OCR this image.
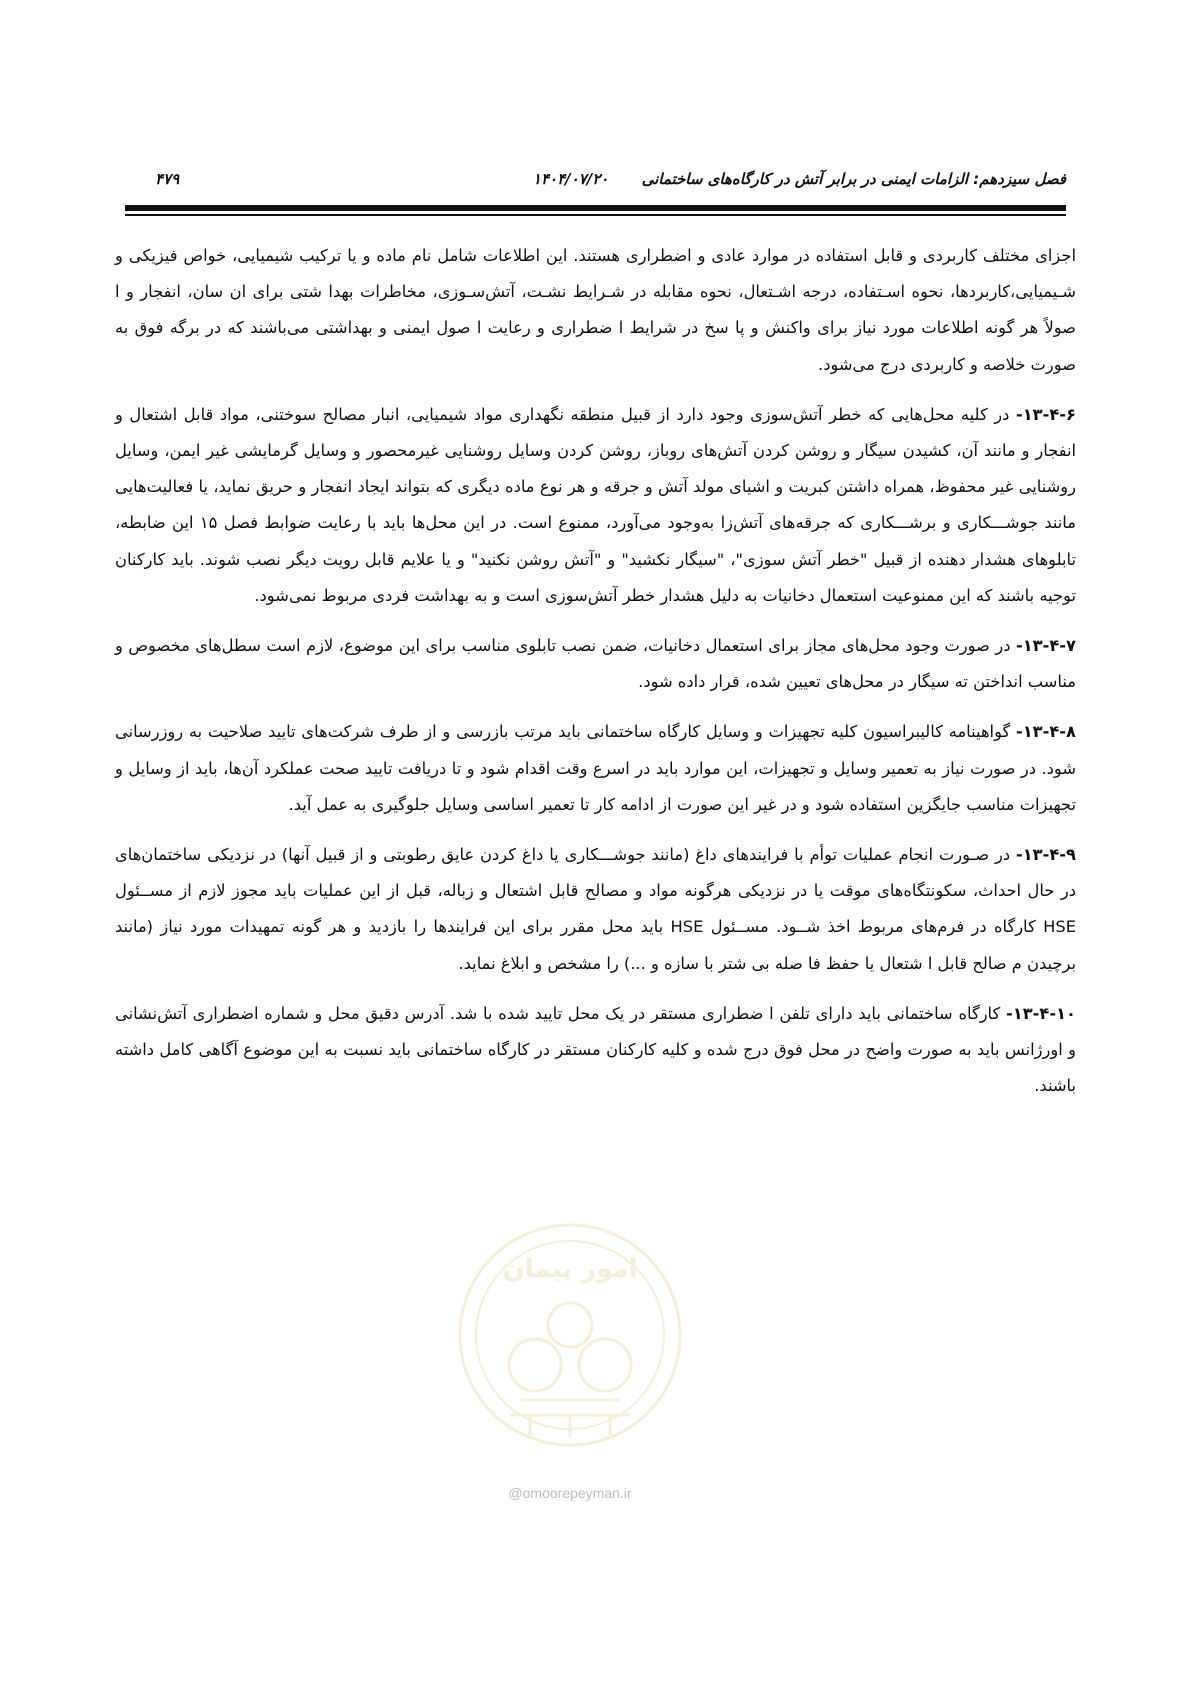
فصل سیزدهم: الزامات ایمنی در برابر آتش در کارگاه‌های ساختمانی ۱۴۰۴/۰۷/۲۰
۴۷۹

اجزای مختلف کاربردی و قابل استفاده در موارد عادی و اضطراری هستند. این اطلاعات شامل نام ماده و یا ترکیب شیمیایی، خواص فیزیکی و شـیمیایی،کاربردها، نحوه اسـتفاده، درجه اشـتعال، نحوه مقابله در شـرایط نشـت، آتش‌سـوزی، مخاطرات بهدا شتی برای ان سان، انفجار و ا صولاً هر گونه اطلاعات مورد نیاز برای واکنش و پا سخ در شرایط ا ضطراری و رعایت ا صول ایمنی و بهداشتی می‌باشند که در برگه فوق به صورت خلاصه و کاربردی درج می‌شود.

۱۳-۴-۶- در کلیه محل‌هایی که خطر آتش‌سوزی وجود دارد از قبیل منطقه نگهداری مواد شیمیایی، انبار مصالح سوختنی، مواد قابل اشتعال و انفجار و مانند آن، کشیدن سیگار و روشن کردن آتش‌های روباز، روشن کردن وسایل روشنایی غیرمحصور و وسایل گرمایشی غیر ایمن، وسایل روشنایی غیر محفوظ، همراه داشتن کبریت و اشیای مولد آتش و جرقه و هر نوع ماده دیگری که بتواند ایجاد انفجار و حریق نماید، یا فعالیت‌هایی مانند جوشـــکاری و برشـــکاری که جرقه‌های آتش‌زا به‌وجود می‌آورد، ممنوع است. در این محل‌ها باید با رعایت ضوابط فصل ۱۵ این ضابطه، تابلوهای هشدار دهنده از قبیل "خطر آتش سوزی"، "سیگار نکشید" و "آتش روشن نکنید" و یا علایم قابل رویت دیگر نصب شوند. باید کارکنان توجیه باشند که این ممنوعیت استعمال دخانیات به دلیل هشدار خطر آتش‌سوزی است و به بهداشت فردی مربوط نمی‌شود.

۱۳-۴-۷- در صورت وجود محل‌های مجاز برای استعمال دخانیات، ضمن نصب تابلوی مناسب برای این موضوع، لازم است سطل‌های مخصوص و مناسب انداختن ته سیگار در محل‌های تعیین شده، قرار داده شود.

۱۳-۴-۸- گواهینامه کالیبراسیون کلیه تجهیزات و وسایل کارگاه ساختمانی باید مرتب بازرسی و از طرف شرکت‌های تایید صلاحیت به روزرسانی شود. در صورت نیاز به تعمیر وسایل و تجهیزات، این موارد باید در اسرع وقت اقدام شود و تا دریافت تایید صحت عملکرد آن‌ها، باید از وسایل و تجهیزات مناسب جایگزین استفاده شود و در غیر این صورت از ادامه کار تا تعمیر اساسی وسایل جلوگیری به عمل آید.

۱۳-۴-۹- در صـورت انجام عملیات توأم با فرایندهای داغ (مانند جوشـــکاری یا داغ کردن عایق رطوبتی و از قبیل آنها) در نزدیکی ساختمان‌های در حال احداث، سکونتگاه‌های موقت یا در نزدیکی هرگونه مواد و مصالح قابل اشتعال و زباله، قبل از این عملیات باید مجوز لازم از مســئول HSE کارگاه در فرم‌های مربوط اخذ شــود. مســئول HSE باید محل مقرر برای این فرایندها را بازدید و هر گونه تمهیدات مورد نیاز (مانند برچیدن م صالح قابل ا شتعال یا حفظ فا صله بی شتر با سازه و ...) را مشخص و ابلاغ نماید.

۱۳-۴-۱۰- کارگاه ساختمانی باید دارای تلفن ا ضطراری مستقر در یک محل تایید شده با شد. آدرس دقیق محل و شماره اضطراری آتش‌نشانی و اورژانس باید به صورت واضح در محل فوق درج شده و کلیه کارکنان مستقر در کارگاه ساختمانی باید نسبت به این موضوع آگاهی کامل داشته باشند.

امور پیمان
@omoorepeyman.ir
